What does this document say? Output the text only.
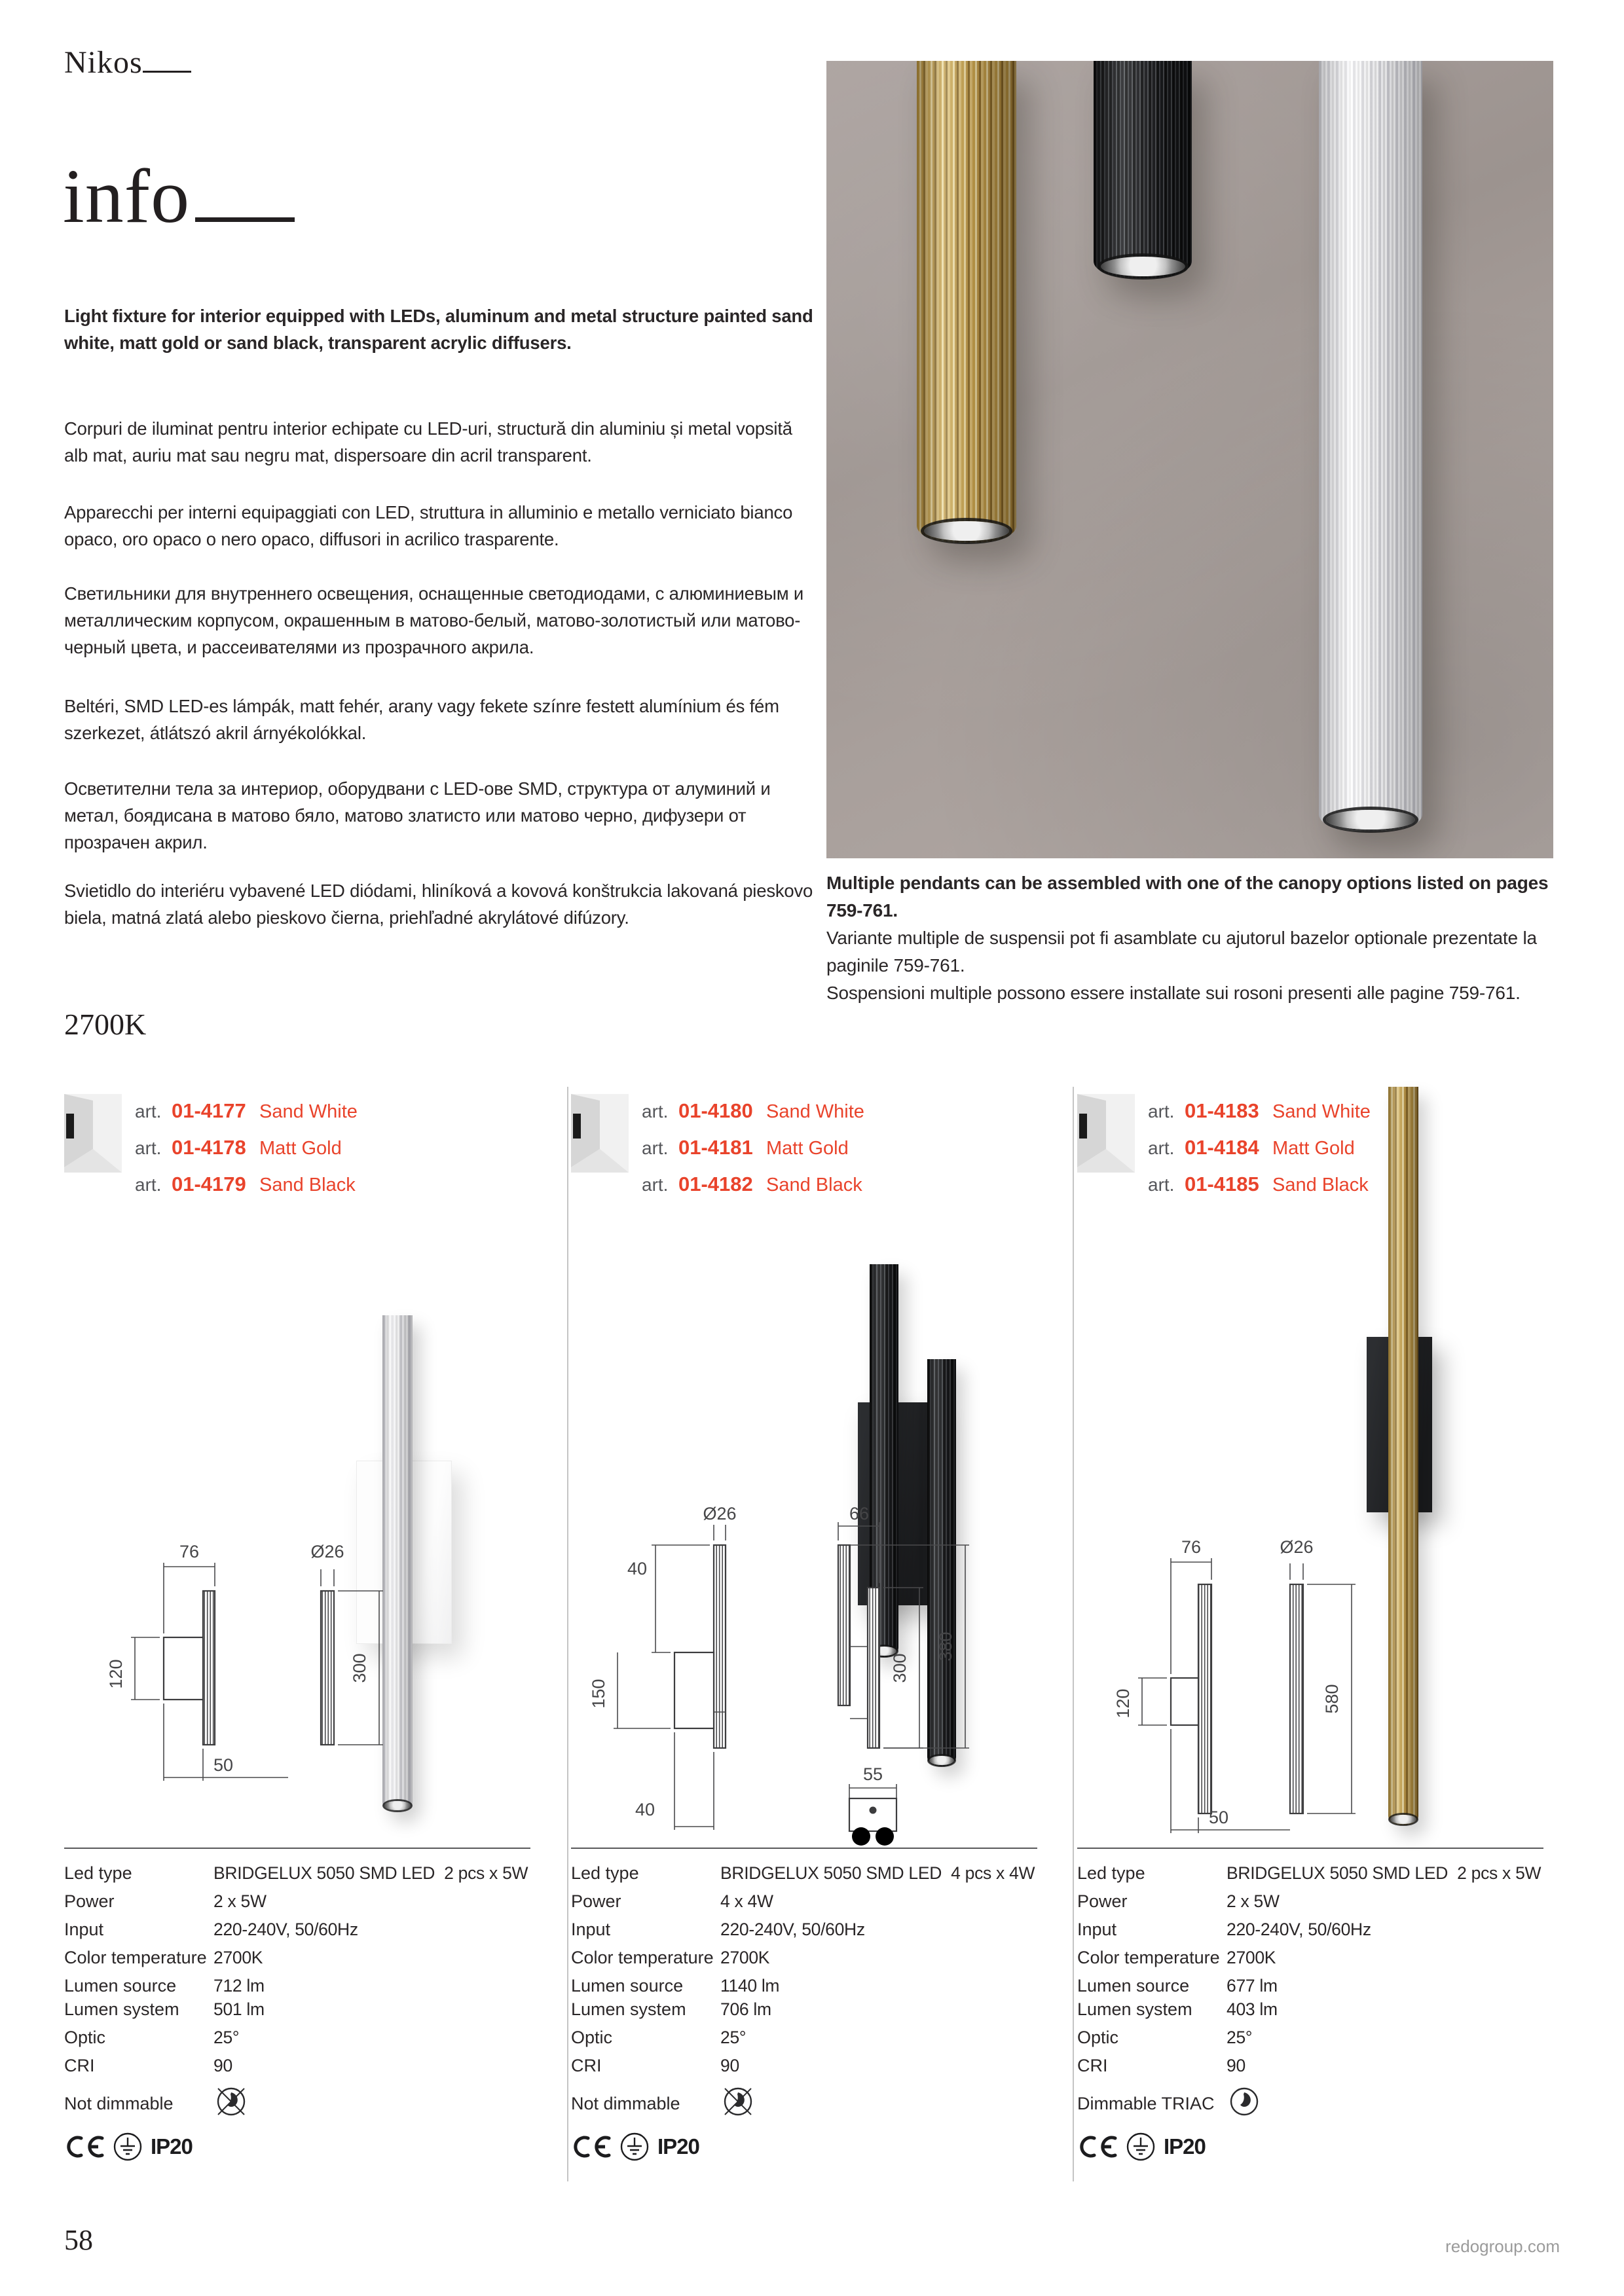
Nikos
info

Light fixture for interior equipped with LEDs, aluminum and metal structure painted sand white, matt gold or sand black, transparent acrylic diffusers.

Corpuri de iluminat pentru interior echipate cu LED-uri, structură din aluminiu și metal vopsită alb mat, auriu mat sau negru mat, dispersoare din acril transparent.

Apparecchi per interni equipaggiati con LED, struttura in alluminio e metallo verniciato bianco opaco, oro opaco o nero opaco, diffusori in acrilico trasparente.

Светильники для внутреннего освещения, оснащенные светодиодами, с алюминиевым и металлическим корпусом, окрашенным в матово-белый, матово-золотистый или матово-черный цвета, и рассеивателями из прозрачного акрила.

Beltéri, SMD LED-es lámpák, matt fehér, arany vagy fekete színre festett alumínium és fém szerkezet, átlátszó akril árnyékolókkal.

Осветителни тела за интериор, оборудвани с LED-ове SMD, структура от алуминий и метал, боядисана в матово бяло, матово златисто или матово черно, дифузери от прозрачен акрил.

Svietidlo do interiéru vybavené LED diódami, hliníková a kovová konštrukcia lakovaná pieskovo biela, matná zlatá alebo pieskovo čierna, priehľadné akrylátové difúzory.

Multiple pendants can be assembled with one of the canopy options listed on pages 759-761.

Variante multiple de suspensii pot fi asamblate cu ajutorul bazelor optionale prezentate la paginile 759-761.

Sospensioni multiple possono essere installate sui rosoni presenti alle pagine 759-761.

2700K
art. 01-4177 Sand White
art. 01-4178 Matt Gold
art. 01-4179 Sand Black
art. 01-4180 Sand White
art. 01-4181 Matt Gold
art. 01-4182 Sand Black
art. 01-4183 Sand White
art. 01-4184 Matt Gold
art. 01-4185 Sand Black
76
120
50
Ø26
300
Ø26
40
150
40
66
300
380
55
76
120
50
Ø26
580
Led type	BRIDGELUX 5050 SMD LED  2 pcs x 5W
Power	2 x 5W
Input	220-240V, 50/60Hz
Color temperature 2700K
Lumen source	712 lm
Lumen system	501 lm
Optic	25°
CRI	90
Not dimmable
IP20
Led type	BRIDGELUX 5050 SMD LED  4 pcs x 4W
Power	4 x 4W
Input	220-240V, 50/60Hz
Color temperature 2700K
Lumen source	1140 lm
Lumen system	706 lm
Optic	25°
CRI	90
Not dimmable
IP20
Led type	BRIDGELUX 5050 SMD LED  2 pcs x 5W
Power	2 x 5W
Input	220-240V, 50/60Hz
Color temperature 2700K
Lumen source	677 lm
Lumen system	403 lm
Optic	25°
CRI	90
Dimmable TRIAC
IP20
58	redogroup.com
